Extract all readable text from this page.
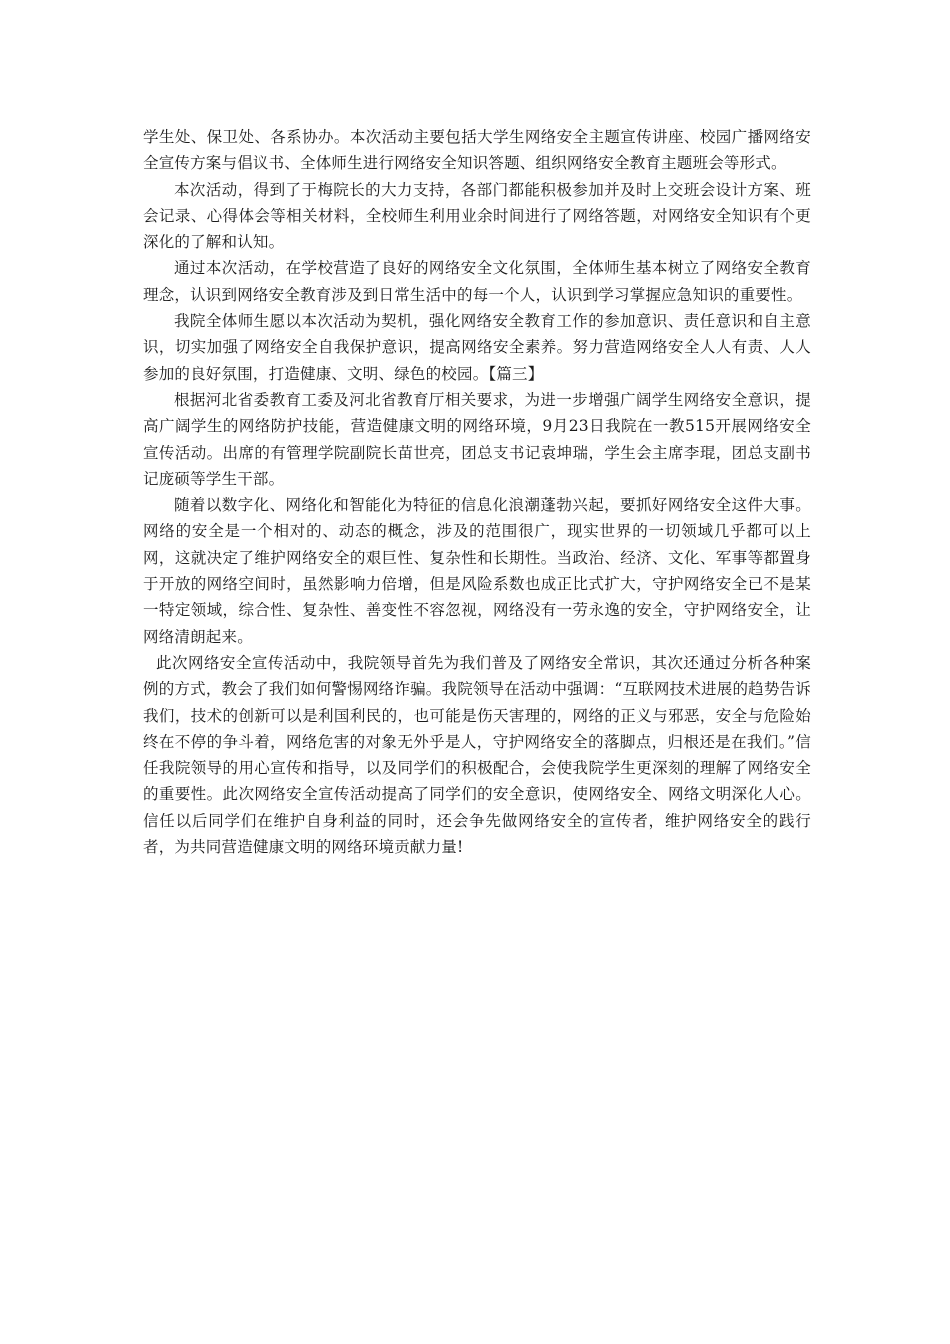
学生处、保卫处、各系协办。本次活动主要包括大学生网络安全主题宣传讲座、校园广播网络安全宣传方案与倡议书、全体师生进行网络安全知识答题、组织网络安全教育主题班会等形式。

本次活动，得到了于梅院长的大力支持，各部门都能积极参加并及时上交班会设计方案、班会记录、心得体会等相关材料，全校师生利用业余时间进行了网络答题，对网络安全知识有个更深化的了解和认知。

通过本次活动，在学校营造了良好的网络安全文化氛围，全体师生基本树立了网络安全教育理念，认识到网络安全教育涉及到日常生活中的每一个人，认识到学习掌握应急知识的重要性。

我院全体师生愿以本次活动为契机，强化网络安全教育工作的参加意识、责任意识和自主意识，切实加强了网络安全自我保护意识，提高网络安全素养。努力营造网络安全人人有责、人人参加的良好氛围，打造健康、文明、绿色的校园。【篇三】

根据河北省委教育工委及河北省教育厅相关要求，为进一步增强广阔学生网络安全意识，提高广阔学生的网络防护技能，营造健康文明的网络环境，9月23日我院在一教515开展网络安全宣传活动。出席的有管理学院副院长苗世亮，团总支书记袁坤瑞，学生会主席李琨，团总支副书记庞硕等学生干部。

随着以数字化、网络化和智能化为特征的信息化浪潮蓬勃兴起，要抓好网络安全这件大事。网络的安全是一个相对的、动态的概念，涉及的范围很广，现实世界的一切领域几乎都可以上网，这就决定了维护网络安全的艰巨性、复杂性和长期性。当政治、经济、文化、军事等都置身于开放的网络空间时，虽然影响力倍增，但是风险系数也成正比式扩大，守护网络安全已不是某一特定领域，综合性、复杂性、善变性不容忽视，网络没有一劳永逸的安全，守护网络安全，让网络清朗起来。

此次网络安全宣传活动中，我院领导首先为我们普及了网络安全常识，其次还通过分析各种案例的方式，教会了我们如何警惕网络诈骗。我院领导在活动中强调：“互联网技术进展的趋势告诉我们，技术的创新可以是利国利民的，也可能是伤天害理的，网络的正义与邪恶，安全与危险始终在不停的争斗着，网络危害的对象无外乎是人，守护网络安全的落脚点，归根还是在我们。”信任我院领导的用心宣传和指导，以及同学们的积极配合，会使我院学生更深刻的理解了网络安全的重要性。此次网络安全宣传活动提高了同学们的安全意识，使网络安全、网络文明深化人心。信任以后同学们在维护自身利益的同时，还会争先做网络安全的宣传者，维护网络安全的践行者，为共同营造健康文明的网络环境贡献力量!
